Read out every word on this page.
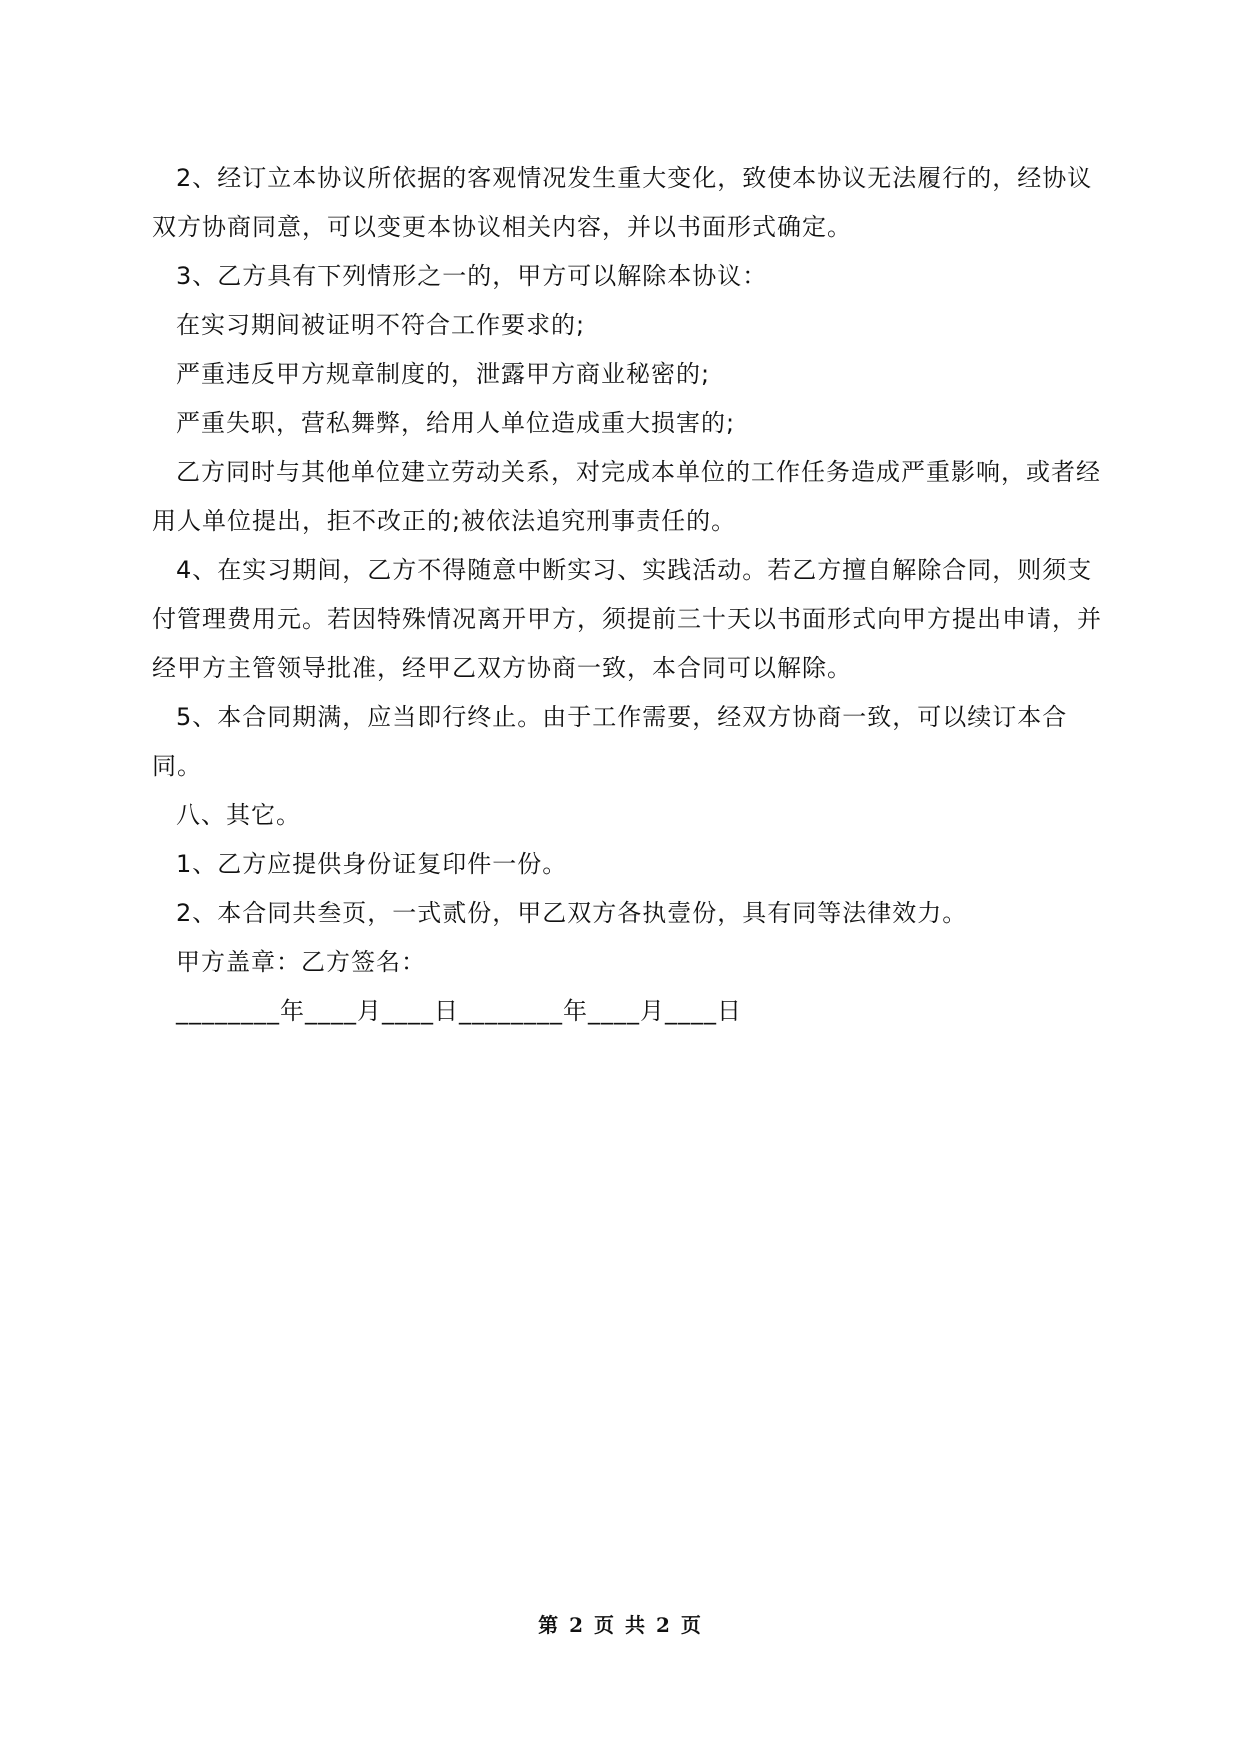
2、经订立本协议所依据的客观情况发生重大变化，致使本协议无法履行的，经协议双方协商同意，可以变更本协议相关内容，并以书面形式确定。

3、乙方具有下列情形之一的，甲方可以解除本协议：

在实习期间被证明不符合工作要求的;

严重违反甲方规章制度的，泄露甲方商业秘密的;

严重失职，营私舞弊，给用人单位造成重大损害的;

乙方同时与其他单位建立劳动关系，对完成本单位的工作任务造成严重影响，或者经用人单位提出，拒不改正的;被依法追究刑事责任的。

4、在实习期间，乙方不得随意中断实习、实践活动。若乙方擅自解除合同，则须支付管理费用元。若因特殊情况离开甲方，须提前三十天以书面形式向甲方提出申请，并经甲方主管领导批准，经甲乙双方协商一致，本合同可以解除。

5、本合同期满，应当即行终止。由于工作需要，经双方协商一致，可以续订本合同。

八、其它。

1、乙方应提供身份证复印件一份。

2、本合同共叁页，一式贰份，甲乙双方各执壹份，具有同等法律效力。

甲方盖章：乙方签名：

________年____月____日________年____月____日

第 2 页 共 2 页
